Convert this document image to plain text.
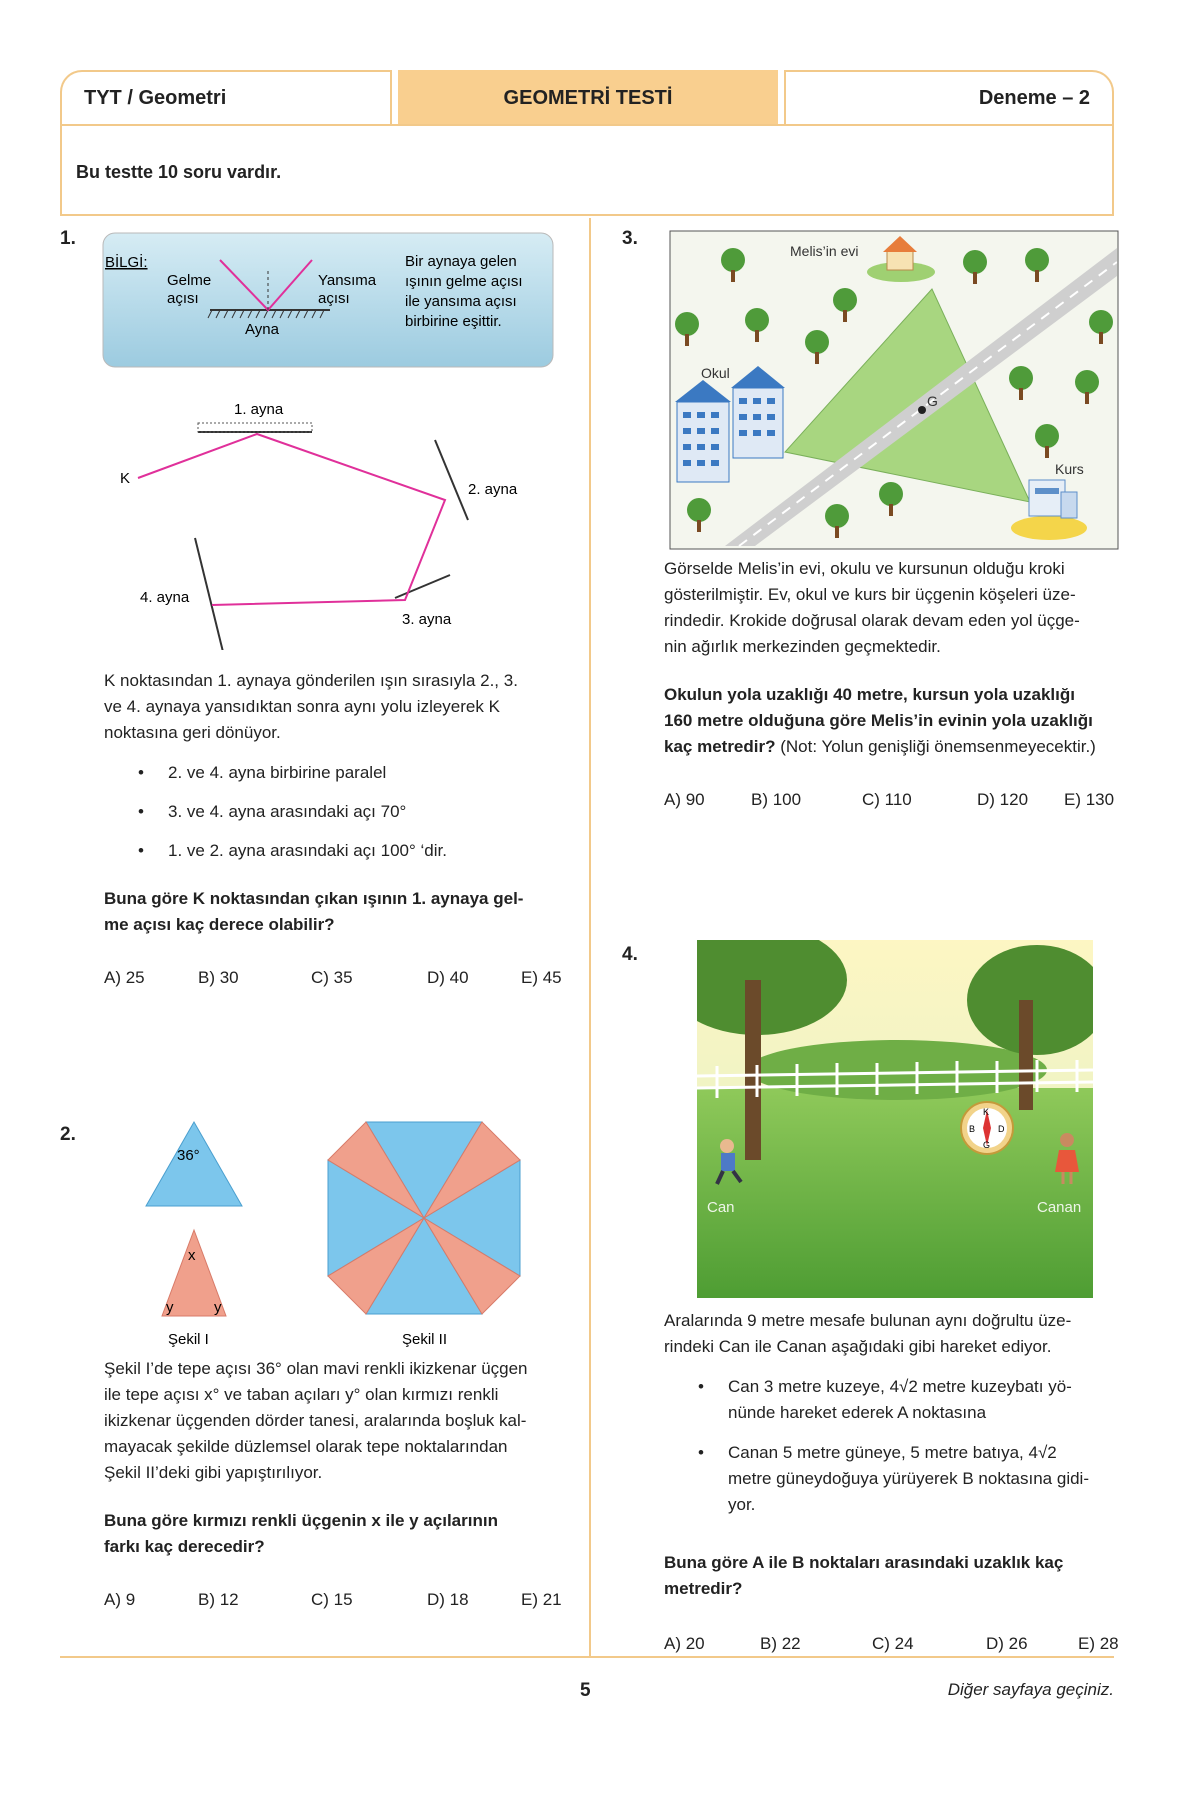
TYT / Geometri	GEOMETRİ TESTİ	Deneme – 2
Bu testte 10 soru vardır.
1.
BİLGİ:
Gelme
açısı
Yansıma
açısı
Ayna
Bir aynaya gelen
ışının gelme açısı
ile yansıma açısı
birbirine eşittir.
K
1. ayna
2. ayna
3. ayna
4. ayna
K noktasından 1. aynaya gönderilen ışın sırasıyla 2., 3.
ve 4. aynaya yansıdıktan sonra aynı yolu izleyerek K
noktasına geri dönüyor.
• 2. ve 4. ayna birbirine paralel
• 3. ve 4. ayna arasındaki açı 70°
• 1. ve 2. ayna arasındaki açı 100° ‘dir.
Buna göre K noktasından çıkan ışının 1. aynaya gel-
me açısı kaç derece olabilir?
A) 25	B) 30	C) 35	D) 40	E) 45
2.
36°
x
y	y
Şekil I	Şekil II
Şekil I’de tepe açısı 36° olan mavi renkli ikizkenar üçgen
ile tepe açısı x° ve taban açıları y° olan kırmızı renkli
ikizkenar üçgenden dörder tanesi, aralarında boşluk kal-
mayacak şekilde düzlemsel olarak tepe noktalarından
Şekil II’deki gibi yapıştırılıyor.
Buna göre kırmızı renkli üçgenin x ile y açılarının
farkı kaç derecedir?
A) 9	B) 12	C) 15	D) 18	E) 21
3.
Melis’in evi
Okul
Kurs
G
Görselde Melis’in evi, okulu ve kursunun olduğu kroki
gösterilmiştir. Ev, okul ve kurs bir üçgenin köşeleri üze-
rindedir. Krokide doğrusal olarak devam eden yol üçge-
nin ağırlık merkezinden geçmektedir.
Okulun yola uzaklığı 40 metre, kursun yola uzaklığı
160 metre olduğuna göre Melis’in evinin yola uzaklığı
kaç metredir? (Not: Yolun genişliği önemsenmeyecektir.)
A) 90	B) 100	C) 110	D) 120	E) 130
4.
K
B	D
G
Can	Canan
Aralarında 9 metre mesafe bulunan aynı doğrultu üze-
rindeki Can ile Canan aşağıdaki gibi hareket ediyor.
• Can 3 metre kuzeye, 4√2 metre kuzeybatı yö-
nünde hareket ederek A noktasına
• Canan 5 metre güneye, 5 metre batıya, 4√2
metre güneydoğuya yürüyerek B noktasına gidi-
yor.
Buna göre A ile B noktaları arasındaki uzaklık kaç
metredir?
A) 20	B) 22	C) 24	D) 26	E) 28
5	Diğer sayfaya geçiniz.
